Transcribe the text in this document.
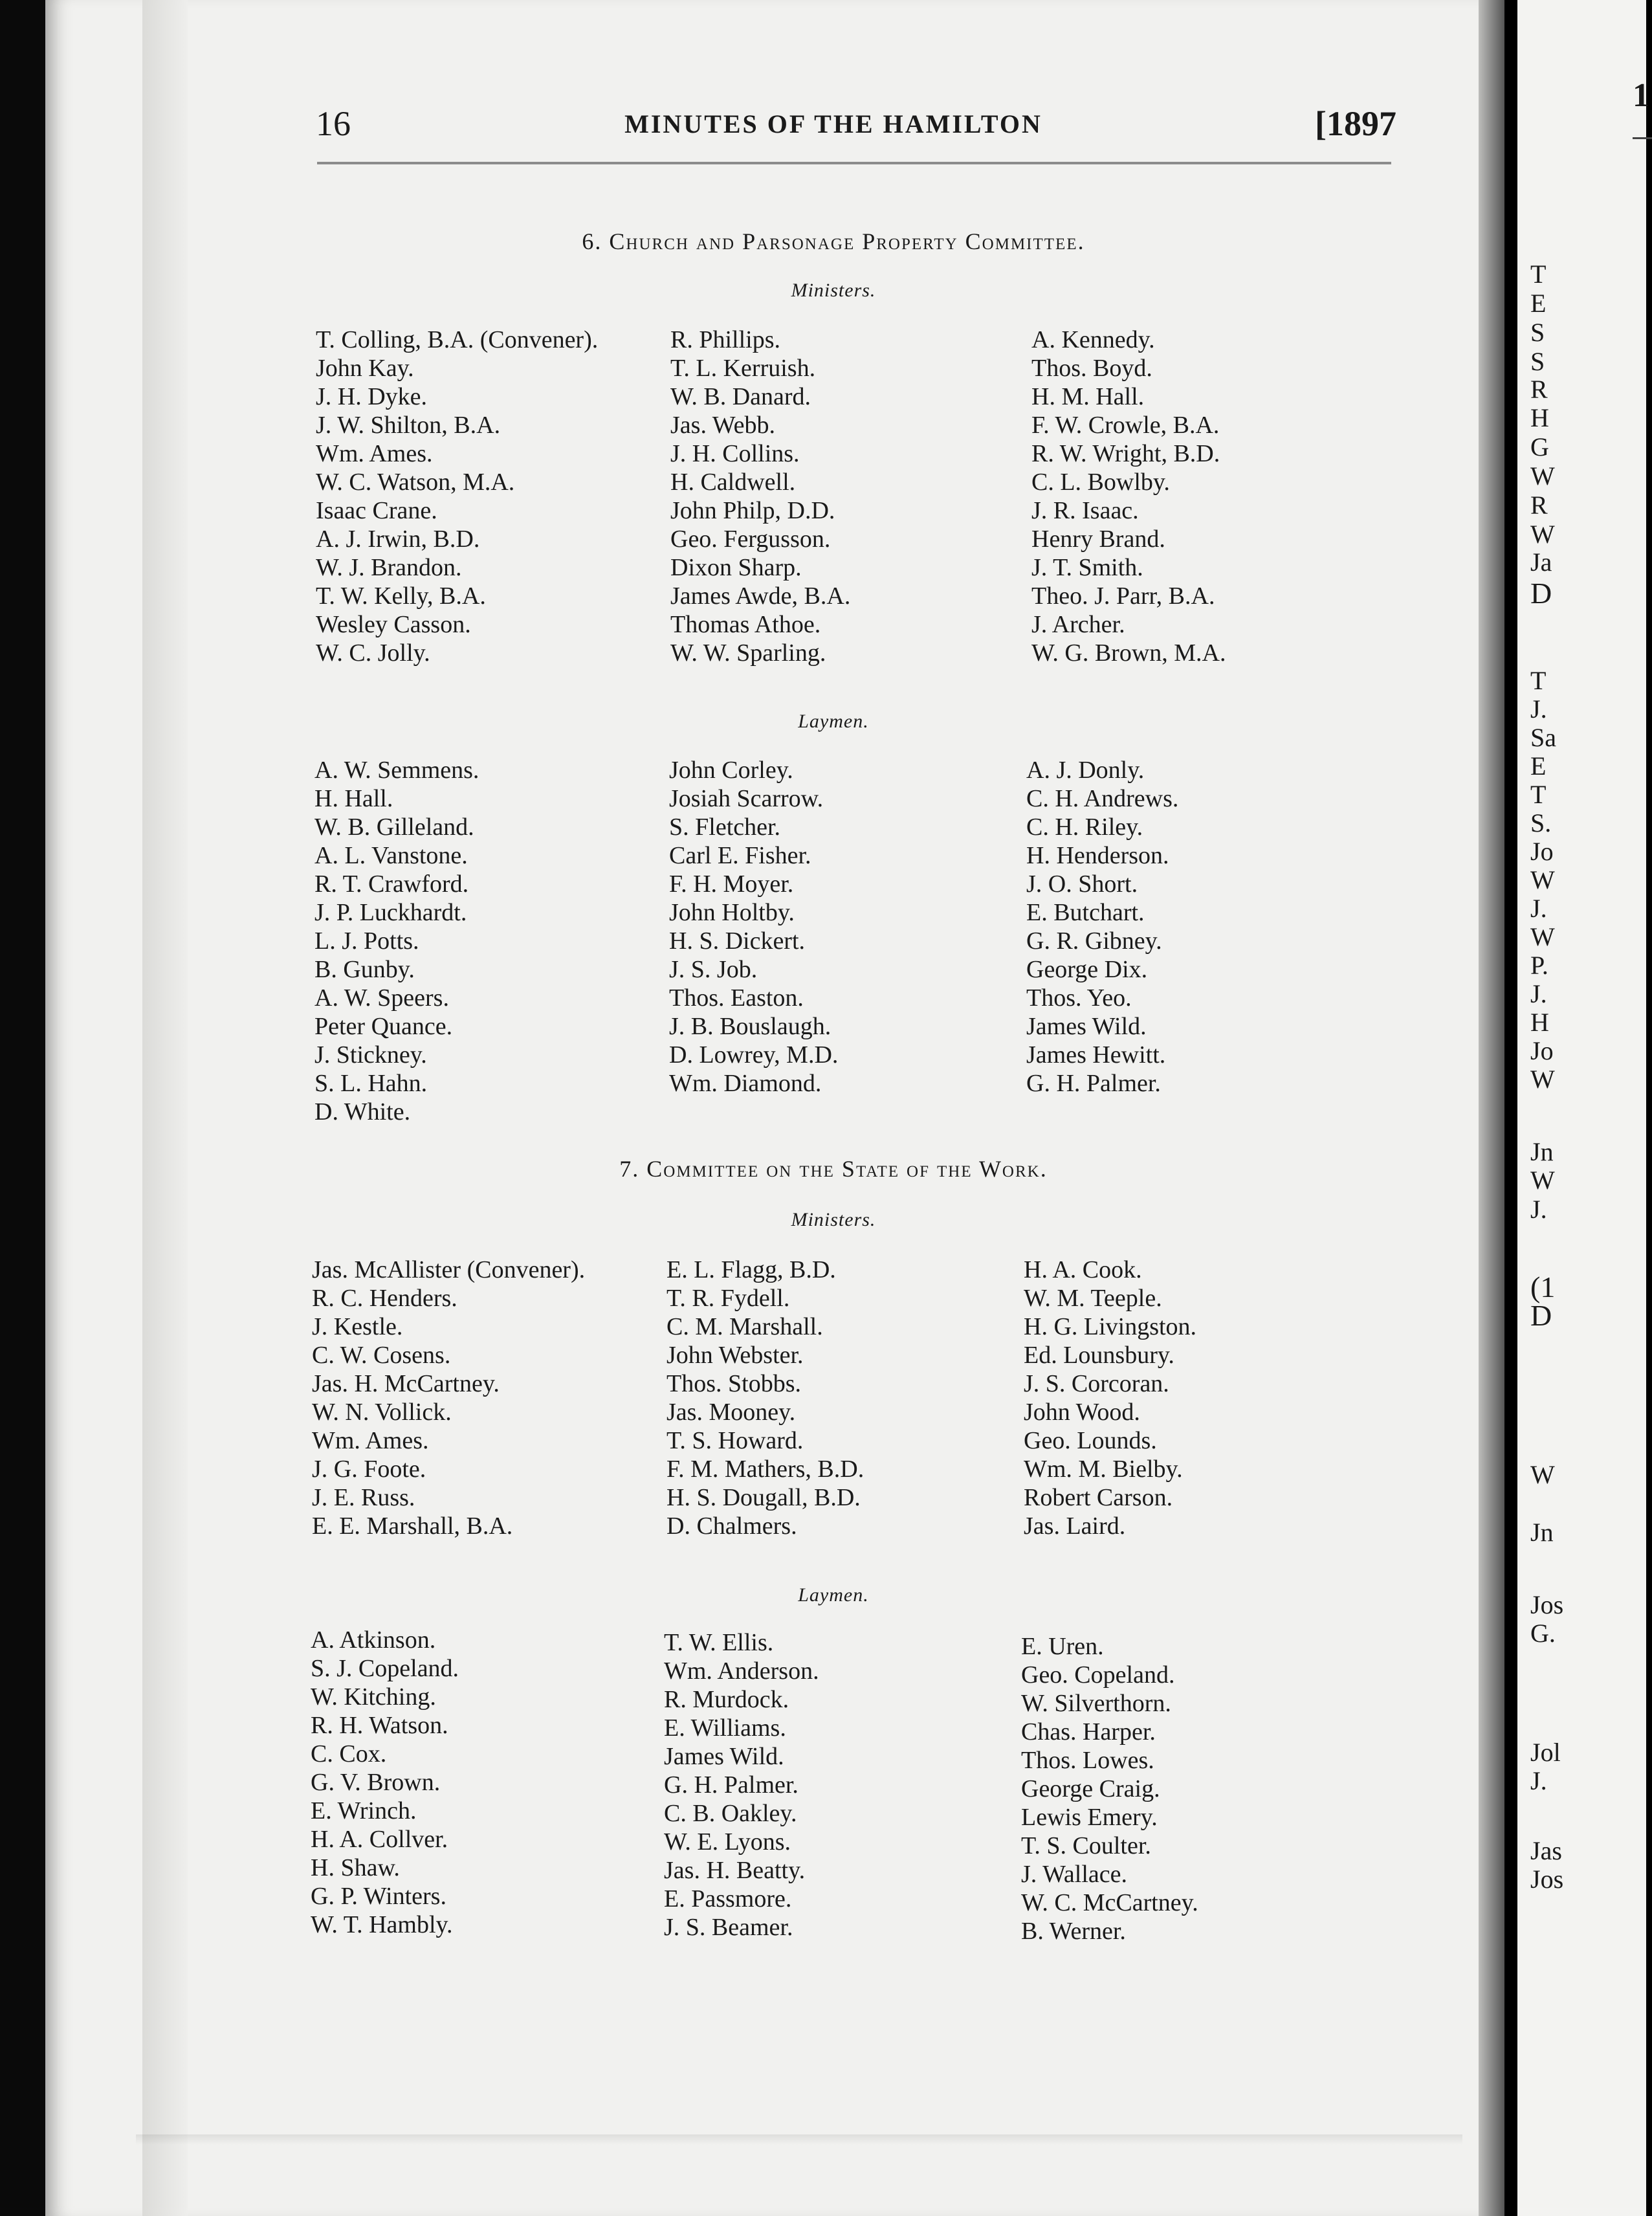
1
T
E
S
S
R
H
G
W
R
W
Ja
D
T
J.
Sa
E
T
S.
Jo
W
J.
W
P.
J.
H
Jo
W
Jn
W
J.
(1
D
W
Jn
Jos
G.
Jol
J.
Jas
Jos
16	MINUTES OF THE HAMILTON	[1897
6. Church and Parsonage Property Committee.
Ministers.
T. Colling, B.A. (Convener).
John Kay.
J. H. Dyke.
J. W. Shilton, B.A.
Wm. Ames.
W. C. Watson, M.A.
Isaac Crane.
A. J. Irwin, B.D.
W. J. Brandon.
T. W. Kelly, B.A.
Wesley Casson.
W. C. Jolly.
R. Phillips.
T. L. Kerruish.
W. B. Danard.
Jas. Webb.
J. H. Collins.
H. Caldwell.
John Philp, D.D.
Geo. Fergusson.
Dixon Sharp.
James Awde, B.A.
Thomas Athoe.
W. W. Sparling.
A. Kennedy.
Thos. Boyd.
H. M. Hall.
F. W. Crowle, B.A.
R. W. Wright, B.D.
C. L. Bowlby.
J. R. Isaac.
Henry Brand.
J. T. Smith.
Theo. J. Parr, B.A.
J. Archer.
W. G. Brown, M.A.
Laymen.
A. W. Semmens.
H. Hall.
W. B. Gilleland.
A. L. Vanstone.
R. T. Crawford.
J. P. Luckhardt.
L. J. Potts.
B. Gunby.
A. W. Speers.
Peter Quance.
J. Stickney.
S. L. Hahn.
D. White.
John Corley.
Josiah Scarrow.
S. Fletcher.
Carl E. Fisher.
F. H. Moyer.
John Holtby.
H. S. Dickert.
J. S. Job.
Thos. Easton.
J. B. Bouslaugh.
D. Lowrey, M.D.
Wm. Diamond.
A. J. Donly.
C. H. Andrews.
C. H. Riley.
H. Henderson.
J. O. Short.
E. Butchart.
G. R. Gibney.
George Dix.
Thos. Yeo.
James Wild.
James Hewitt.
G. H. Palmer.
7. Committee on the State of the Work.
Ministers.
Jas. McAllister (Convener).
R. C. Henders.
J. Kestle.
C. W. Cosens.
Jas. H. McCartney.
W. N. Vollick.
Wm. Ames.
J. G. Foote.
J. E. Russ.
E. E. Marshall, B.A.
E. L. Flagg, B.D.
T. R. Fydell.
C. M. Marshall.
John Webster.
Thos. Stobbs.
Jas. Mooney.
T. S. Howard.
F. M. Mathers, B.D.
H. S. Dougall, B.D.
D. Chalmers.
H. A. Cook.
W. M. Teeple.
H. G. Livingston.
Ed. Lounsbury.
J. S. Corcoran.
John Wood.
Geo. Lounds.
Wm. M. Bielby.
Robert Carson.
Jas. Laird.
Laymen.
A. Atkinson.
S. J. Copeland.
W. Kitching.
R. H. Watson.
C. Cox.
G. V. Brown.
E. Wrinch.
H. A. Collver.
H. Shaw.
G. P. Winters.
W. T. Hambly.
T. W. Ellis.
Wm. Anderson.
R. Murdock.
E. Williams.
James Wild.
G. H. Palmer.
C. B. Oakley.
W. E. Lyons.
Jas. H. Beatty.
E. Passmore.
J. S. Beamer.
E. Uren.
Geo. Copeland.
W. Silverthorn.
Chas. Harper.
Thos. Lowes.
George Craig.
Lewis Emery.
T. S. Coulter.
J. Wallace.
W. C. McCartney.
B. Werner.
